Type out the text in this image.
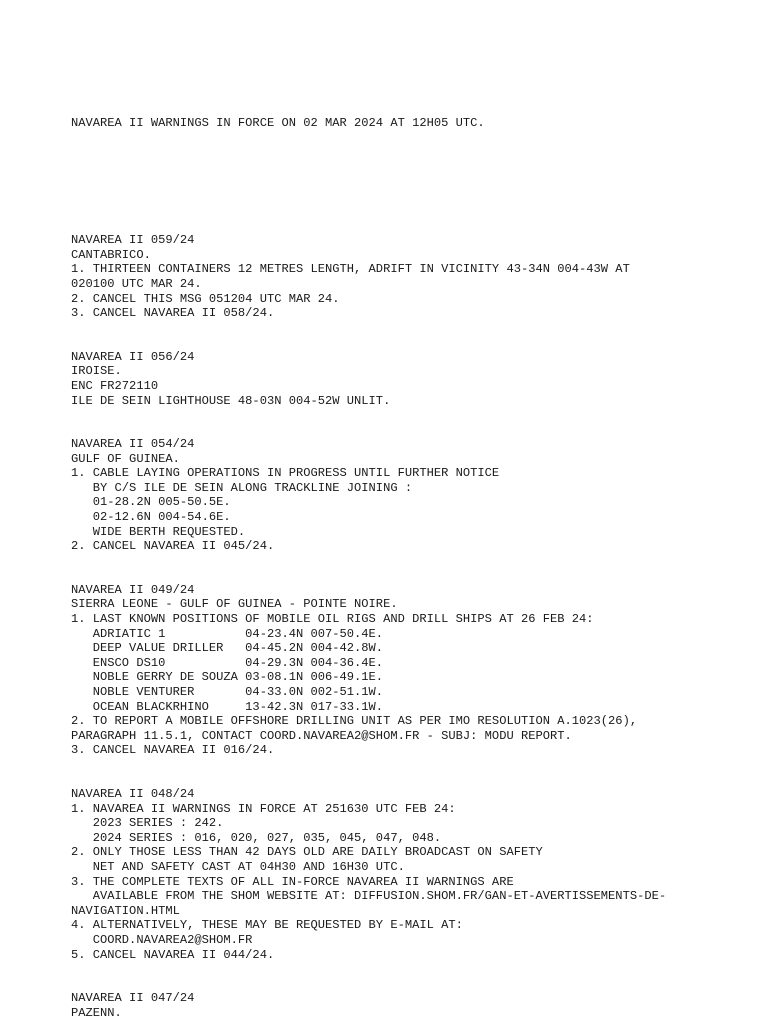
NAVAREA II WARNINGS IN FORCE ON 02 MAR 2024 AT 12H05 UTC.

NAVAREA II 059/24
CANTABRICO.
1. THIRTEEN CONTAINERS 12 METRES LENGTH, ADRIFT IN VICINITY 43-34N 004-43W AT
020100 UTC MAR 24.
2. CANCEL THIS MSG 051204 UTC MAR 24.
3. CANCEL NAVAREA II 058/24.
NAVAREA II 056/24
IROISE.
ENC FR272110
ILE DE SEIN LIGHTHOUSE 48-03N 004-52W UNLIT.
NAVAREA II 054/24
GULF OF GUINEA.
1. CABLE LAYING OPERATIONS IN PROGRESS UNTIL FURTHER NOTICE
BY C/S ILE DE SEIN ALONG TRACKLINE JOINING :
01-28.2N 005-50.5E.
02-12.6N 004-54.6E.
WIDE BERTH REQUESTED.
2. CANCEL NAVAREA II 045/24.
NAVAREA II 049/24
SIERRA LEONE - GULF OF GUINEA - POINTE NOIRE.
1. LAST KNOWN POSITIONS OF MOBILE OIL RIGS AND DRILL SHIPS AT 26 FEB 24:
ADRIATIC 1           04-23.4N 007-50.4E.
DEEP VALUE DRILLER   04-45.2N 004-42.8W.
ENSCO DS10           04-29.3N 004-36.4E.
NOBLE GERRY DE SOUZA 03-08.1N 006-49.1E.
NOBLE VENTURER       04-33.0N 002-51.1W.
OCEAN BLACKRHINO     13-42.3N 017-33.1W.
2. TO REPORT A MOBILE OFFSHORE DRILLING UNIT AS PER IMO RESOLUTION A.1023(26),
PARAGRAPH 11.5.1, CONTACT COORD.NAVAREA2@SHOM.FR - SUBJ: MODU REPORT.
3. CANCEL NAVAREA II 016/24.
NAVAREA II 048/24
1. NAVAREA II WARNINGS IN FORCE AT 251630 UTC FEB 24:
2023 SERIES : 242.
2024 SERIES : 016, 020, 027, 035, 045, 047, 048.
2. ONLY THOSE LESS THAN 42 DAYS OLD ARE DAILY BROADCAST ON SAFETY
NET AND SAFETY CAST AT 04H30 AND 16H30 UTC.
3. THE COMPLETE TEXTS OF ALL IN-FORCE NAVAREA II WARNINGS ARE
AVAILABLE FROM THE SHOM WEBSITE AT: DIFFUSION.SHOM.FR/GAN-ET-AVERTISSEMENTS-DE-
NAVIGATION.HTML
4. ALTERNATIVELY, THESE MAY BE REQUESTED BY E-MAIL AT:
COORD.NAVAREA2@SHOM.FR
5. CANCEL NAVAREA II 044/24.
NAVAREA II 047/24
PAZENN.
